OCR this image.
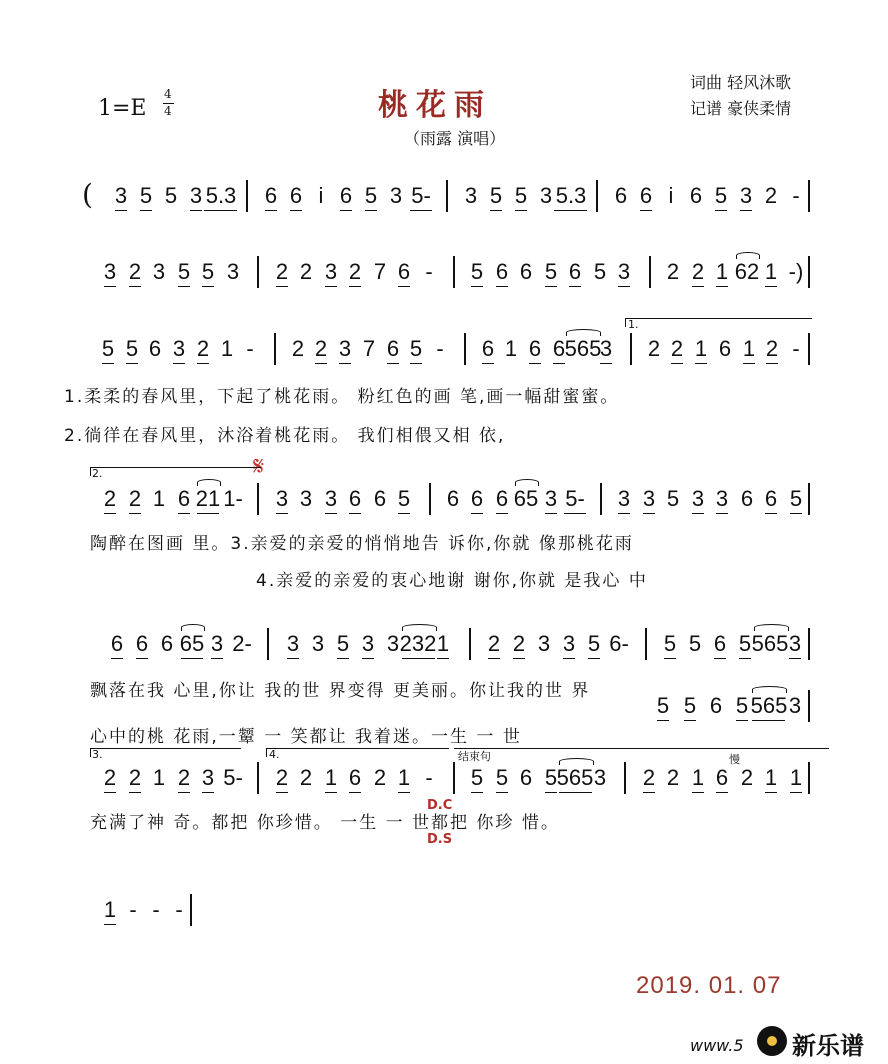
桃花雨
（雨露 演唱）
词曲 轻风沐歌
记谱 豪侠柔情
1=E
4
4
3 5 5 3 5.3 6 6 i 6 5 3 5- 3 5 5 3 5.3 6 6 i 6 5 3 2 -
3 2 3 5 5 3 2 2 3 2 7 6 - 5 6 6 5 6 5 3 2 2 1 62 1 -)
5 5 6 3 2 1 - 2 2 3 7 6 5 - 6 1 6 6 565
3 2 2 1 6 1 2 -
2 2 1 6 21 1- 3 3 3 6 6 5 6 6 6 65 3 5- 3 3 5 3 3 6 6 5
6 6 6 65 3 2- 3 3 5 3 3 232 1 2 2 3 3 5 6- 5 5 6 5 565 3
5 5 6 5 565 3
2 2 1 2 3 5- 2 2 1 6 2 1 - 5 5 6 5 565 3 2 2 1 6 2 1 1
1 - - -
(
𝄋
1.
2.
3.	4.	结束句	慢
D.C
D.S
1.柔柔的春风里，下起了桃花雨。 粉红色的画 笔,画一幅甜蜜蜜。
2.徜徉在春风里，沐浴着桃花雨。 我们相偎又相 依,
陶醉在图画 里。3.亲爱的亲爱的悄悄地告 诉你,你就 像那桃花雨
4.亲爱的亲爱的衷心地谢 谢你,你就 是我心 中
飘落在我 心里,你让 我的世 界变得 更美丽。你让我的世 界
心中的桃 花雨,一颦 一 笑都让 我着迷。一生 一 世
充满了神 奇。都把 你珍惜。 一生 一 世都把 你珍 惜。
2019. 01. 07
www.5 新乐谱
